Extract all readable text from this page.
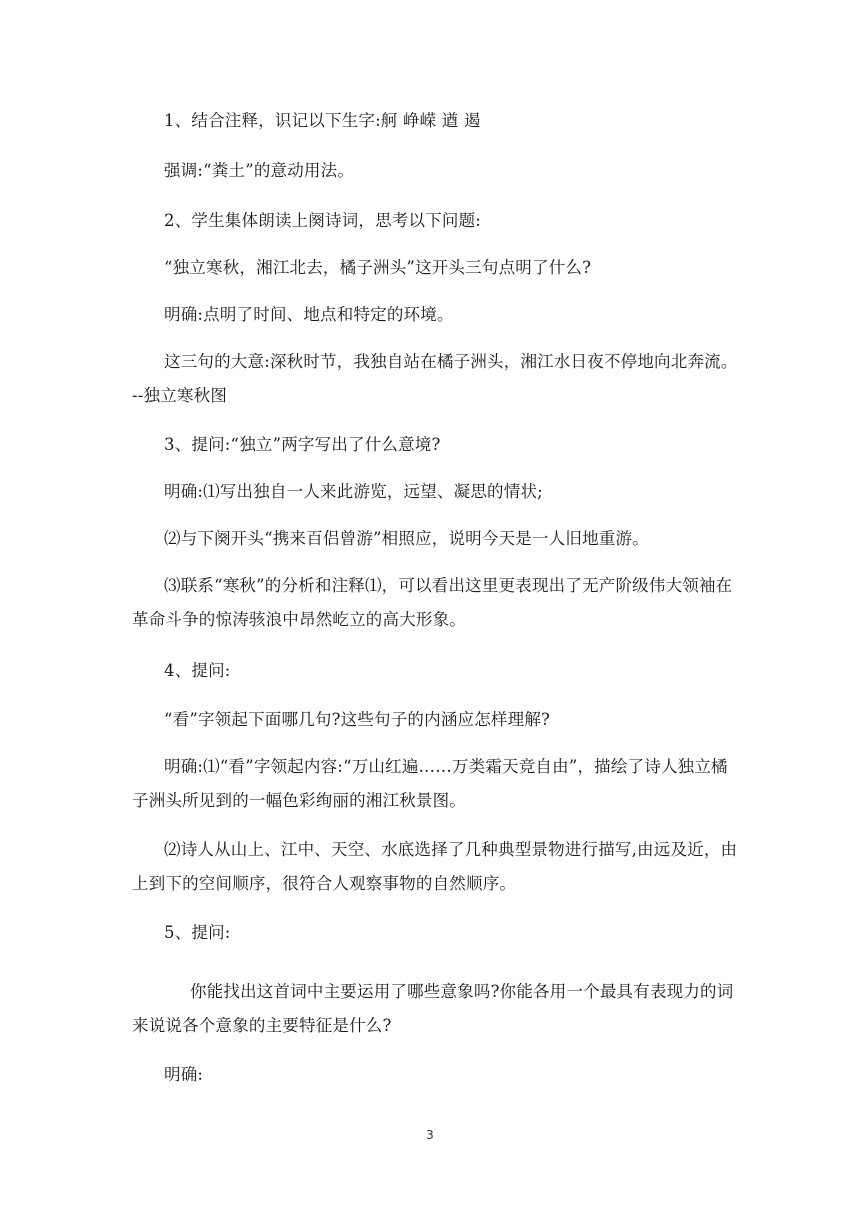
1、结合注释，识记以下生字:舸 峥嵘 遒 遏

强调:“粪土”的意动用法。

2、学生集体朗读上阕诗词，思考以下问题:

“独立寒秋，湘江北去，橘子洲头”这开头三句点明了什么?

明确:点明了时间、地点和特定的环境。

这三句的大意:深秋时节，我独自站在橘子洲头，湘江水日夜不停地向北奔流。--独立寒秋图

3、提问:“独立”两字写出了什么意境?

明确:⑴写出独自一人来此游览，远望、凝思的情状;

⑵与下阕开头“携来百侣曾游”相照应，说明今天是一人旧地重游。

⑶联系“寒秋”的分析和注释⑴，可以看出这里更表现出了无产阶级伟大领袖在革命斗争的惊涛骇浪中昂然屹立的高大形象。

4、提问:

“看”字领起下面哪几句?这些句子的内涵应怎样理解?

明确:⑴“看”字领起内容:“万山红遍……万类霜天竞自由”，描绘了诗人独立橘子洲头所见到的一幅色彩绚丽的湘江秋景图。

⑵诗人从山上、江中、天空、水底选择了几种典型景物进行描写,由远及近，由上到下的空间顺序，很符合人观察事物的自然顺序。

5、提问:

你能找出这首词中主要运用了哪些意象吗?你能各用一个最具有表现力的词来说说各个意象的主要特征是什么?

明确:

3
